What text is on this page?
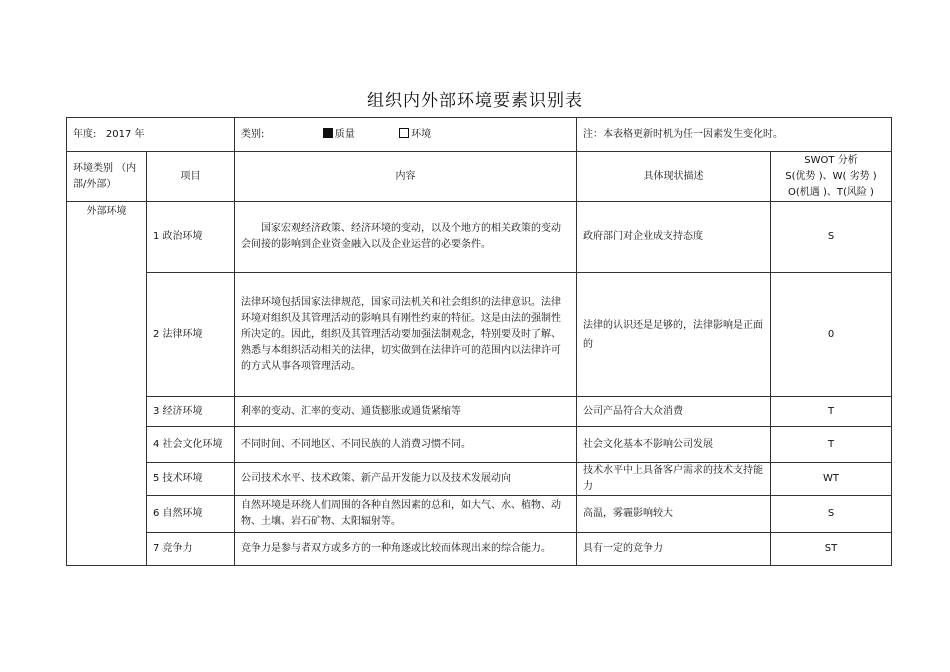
组织内外部环境要素识别表
年度: 2017 年		类别: 质量 环境	注：本表格更新时机为任一因素发生变化时。	
环境类别 （内部/外部）	项目	内容	具体现状描述	SWOT 分析
S(优势 )、W( 劣势 )
O(机遇 )、T(风险 )

外部环境	1 政治环境	　　国家宏观经济政策、经济环境的变动，以及个地方的相关政策的变动会间接的影响到企业资金融入以及企业运营的必要条件。	政府部门对企业成支持态度	S
	2 法律环境	法律环境包括国家法律规范，国家司法机关和社会组织的法律意识。法律环境对组织及其管理活动的影响具有刚性约束的特征。这是由法的强制性所决定的。因此，组织及其管理活动要加强法制观念，特别要及时了解、熟悉与本组织活动相关的法律，切实做到在法律许可的范围内以法律许可的方式从事各项管理活动。	法律的认识还是足够的，法律影响是正面的	0
	3 经济环境	利率的变动、汇率的变动、通货膨胀或通货紧缩等	公司产品符合大众消费	T
	4 社会文化环境	不同时间、不同地区、不同民族的人消费习惯不同。	社会文化基本不影响公司发展	T
	5 技术环境	公司技术水平、技术政策、新产品开发能力以及技术发展动向	技术水平中上具备客户需求的技术支持能力	WT
	6 自然环境	自然环境是环绕人们周围的各种自然因素的总和，如大气、水、植物、动物、土壤、岩石矿物、太阳辐射等。	高温，雾霾影响较大	S
	7 竞争力	竞争力是参与者双方或多方的一种角逐或比较而体现出来的综合能力。	具有一定的竞争力	ST
